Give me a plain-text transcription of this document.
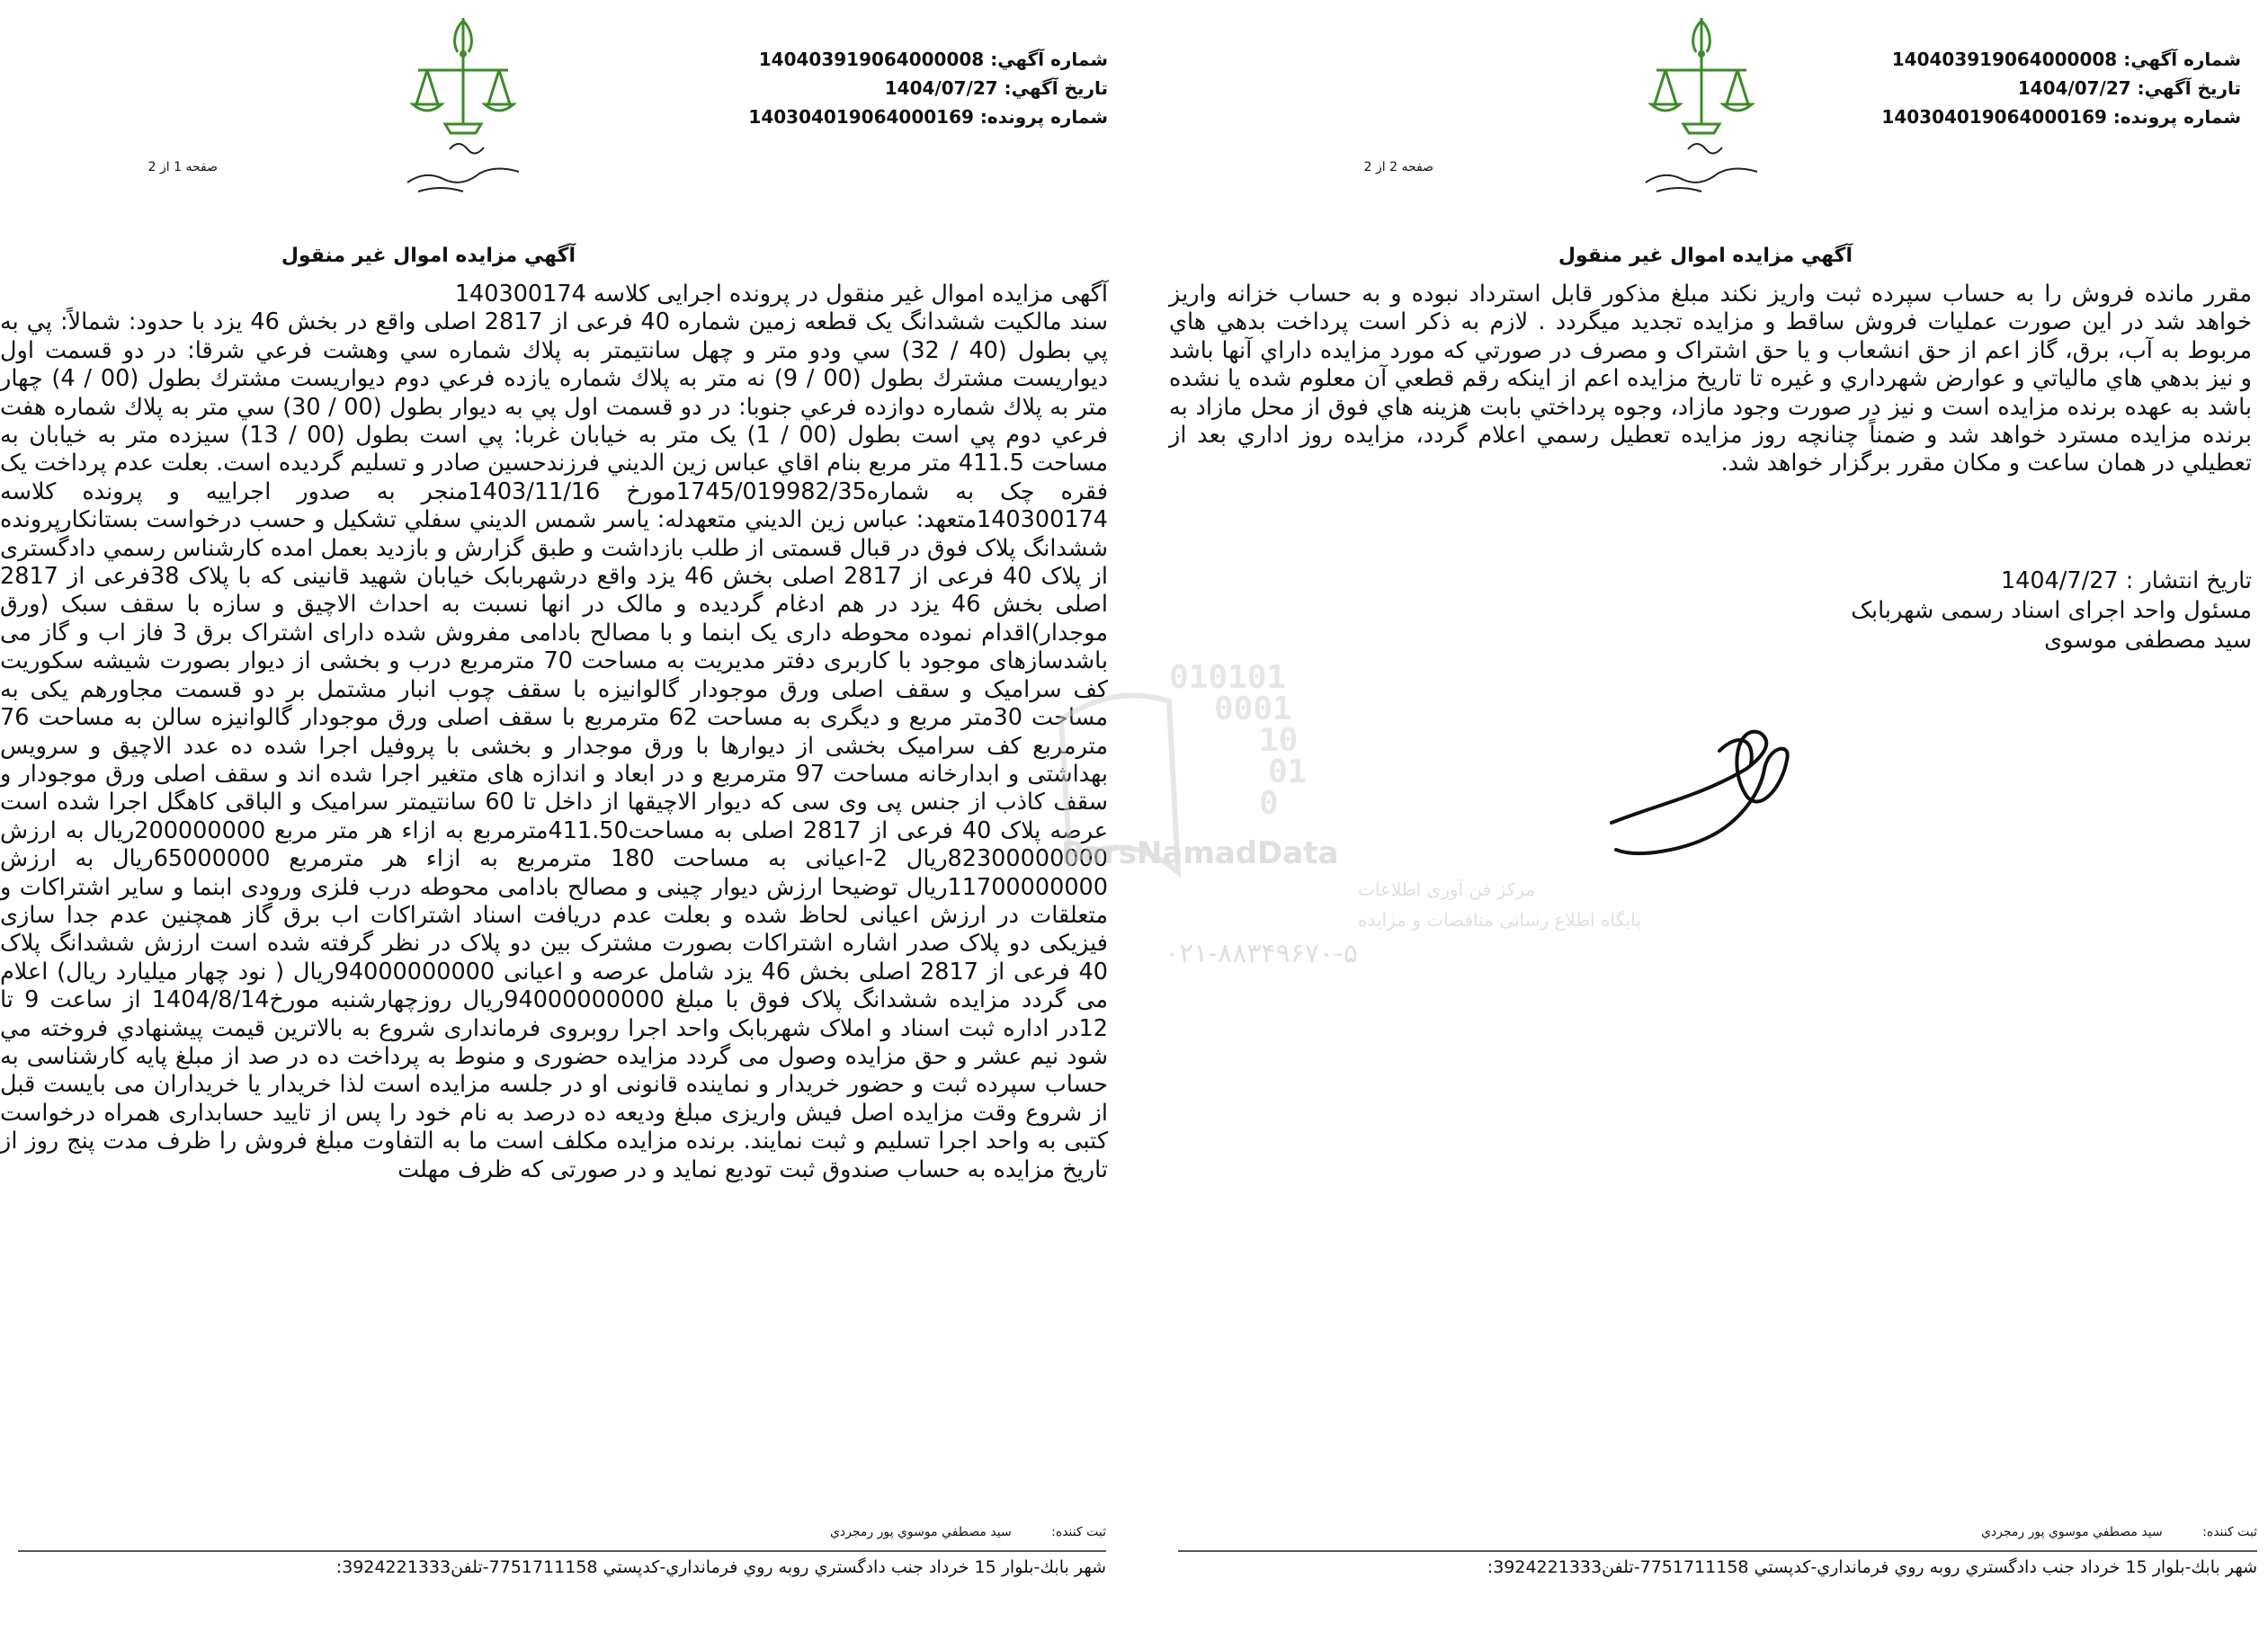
شماره آگهي: 140403919064000008
تاريخ آگهي: 1404/07/27
شماره پرونده: 140304019064000169
صفحه 1 از 2
آگهي مزايده اموال غير منقول

آگهی مزایده اموال غیر منقول در پرونده اجرایی کلاسه 140300174

سند مالکیت ششدانگ یک قطعه زمین شماره 40 فرعی از 2817 اصلی واقع در بخش 46 یزد با حدود: شمالاً: پي به پي بطول (40 / 32) سي ودو متر و چهل سانتيمتر به پلاك شماره سي وهشت فرعي شرقا: در دو قسمت اول ديواريست مشترك بطول (00 / 9) نه متر به پلاك شماره يازده فرعي دوم ديواريست مشترك بطول (00 / 4) چهار متر به پلاك شماره دوازده فرعي جنوبا: در دو قسمت اول پي به ديوار بطول (00 / 30) سي متر به پلاك شماره هفت فرعي دوم پي است بطول (00 / 1) يک متر به خيابان غربا: پي است بطول (00 / 13) سيزده متر به خيابان به مساحت 411.5 متر مربع بنام اقاي عباس زين الديني فرزندحسين صادر و تسليم گرديده است. بعلت عدم پرداخت يک فقره چک به شماره1745/019982/35مورخ 1403/11/16منجر به صدور اجراييه و پرونده کلاسه 140300174متعهد: عباس زين الديني متعهدله: ياسر شمس الديني سفلي تشکيل و حسب درخواست بستانکارپرونده ششدانگ پلاک فوق در قبال قسمتی از طلب بازداشت و طبق گزارش و بازديد بعمل امده کارشناس رسمي دادگستری از پلاک 40 فرعی از 2817 اصلی بخش 46 یزد واقع درشهربابک خیابان شهید قانینی که با پلاک 38فرعی از 2817 اصلی بخش 46 یزد در هم ادغام گردیده و مالک در انها نسبت به احداث الاچیق و سازه با سقف سبک (ورق موجدار)اقدام نموده محوطه داری یک ابنما و با مصالح بادامی مفروش شده دارای اشتراک برق 3 فاز اب و گاز می باشدسازهای موجود با کاربری دفتر مدیریت به مساحت 70 مترمربع درب و بخشی از دیوار بصورت شیشه سکوریت کف سرامیک و سقف اصلی ورق موجودار گالوانیزه با سقف چوب انبار مشتمل بر دو قسمت مجاورهم یکی به مساحت 30متر مربع و دیگری به مساحت 62 مترمربع با سقف اصلی ورق موجودار گالوانیزه سالن به مساحت 76 مترمربع کف سرامیک بخشی از دیوارها با ورق موجدار و بخشی با پروفیل اجرا شده ده عدد الاچیق و سرویس بهداشتی و ابدارخانه مساحت 97 مترمربع و در ابعاد و اندازه های متغیر اجرا شده اند و سقف اصلی ورق موجودار و سقف کاذب از جنس پی وی سی که دیوار الاچیقها از داخل تا 60 سانتیمتر سرامیک و الباقی کاهگل اجرا شده است عرصه پلاک 40 فرعی از 2817 اصلی به مساحت411.50مترمربع به ازاء هر متر مربع 200000000ریال به ارزش 82300000000ریال 2-اعیانی به مساحت 180 مترمربع به ازاء هر مترمربع 65000000ریال به ارزش 11700000000ریال توضیحا ارزش دیوار چینی و مصالح بادامی محوطه درب فلزی ورودی ابنما و سایر اشتراکات و متعلقات در ارزش اعیانی لحاظ شده و بعلت عدم دریافت اسناد اشتراکات اب برق گاز همچنین عدم جدا سازی فیزیکی دو پلاک صدر اشاره اشتراکات بصورت مشترک بین دو پلاک در نظر گرفته شده است ارزش ششدانگ پلاک 40 فرعی از 2817 اصلی بخش 46 یزد شامل عرصه و اعیانی 94000000000ریال ( نود چهار میلیارد ریال) اعلام می گردد مزایده ششدانگ پلاک فوق با مبلغ 94000000000ریال روزچهارشنبه مورخ1404/8/14 از ساعت 9 تا 12در اداره ثبت اسناد و املاک شهربابک واحد اجرا روبروی فرمانداری شروع به بالاترین قیمت پیشنهادي فروخته مي شود نیم عشر و حق مزایده وصول می گردد مزایده حضوری و منوط به پرداخت ده در صد از مبلغ پایه کارشناسی به حساب سپرده ثبت و حضور خریدار و نماینده قانونی او در جلسه مزایده است لذا خریدار یا خریداران می بایست قبل از شروع وقت مزایده اصل فیش واریزی مبلغ ودیعه ده درصد به نام خود را پس از تایید حسابداری همراه درخواست کتبی به واحد اجرا تسلیم و ثبت نمایند. برنده مزایده مکلف است ما به التفاوت مبلغ فروش را ظرف مدت پنج روز از تاریخ مزایده به حساب صندوق ثبت توديع نمايد و در صورتی که ظرف مهلت

ثبت کننده: سيد مصطفي موسوي پور رمجردي
شهر بابك-بلوار 15 خرداد جنب دادگستري روبه روي فرمانداري-كدپستي 7751711158-تلفن3924221333:
شماره آگهي: 140403919064000008
تاريخ آگهي: 1404/07/27
شماره پرونده: 140304019064000169
صفحه 2 از 2
آگهي مزايده اموال غير منقول

مقرر مانده فروش را به حساب سپرده ثبت واريز نکند مبلغ مذکور قابل استرداد نبوده و به حساب خزانه واريز خواهد شد در اين صورت عمليات فروش ساقط و مزايده تجديد ميگردد . لازم به ذکر است پرداخت بدهي هاي مربوط به آب، برق، گاز اعم از حق انشعاب و يا حق اشتراک و مصرف در صورتي که مورد مزايده داراي آنها باشد و نيز بدهي هاي مالياتي و عوارض شهرداري و غيره تا تاريخ مزايده اعم از اينکه رقم قطعي آن معلوم شده يا نشده باشد به عهده برنده مزايده است و نيز در صورت وجود مازاد، وجوه پرداختي بابت هزينه هاي فوق از محل مازاد به برنده مزايده مسترد خواهد شد و ضمناً چنانچه روز مزايده تعطيل رسمي اعلام گردد، مزايده روز اداري بعد از تعطيلي در همان ساعت و مکان مقرر برگزار خواهد شد.

تاريخ انتشار : 1404/7/27
مسئول واحد اجرای اسناد رسمی شهربابک
سید مصطفی موسوی
ثبت کننده: سيد مصطفي موسوي پور رمجردي
شهر بابك-بلوار 15 خرداد جنب دادگستري روبه روي فرمانداري-كدپستي 7751711158-تلفن3924221333:
010101
0001
10
01
0
ParsNamadData
مرکز فن آوری اطلاعات
پایگاه اطلاع رسانی مناقصات و مزایده
۰۲۱-۸۸۳۴۹۶۷۰-۵
